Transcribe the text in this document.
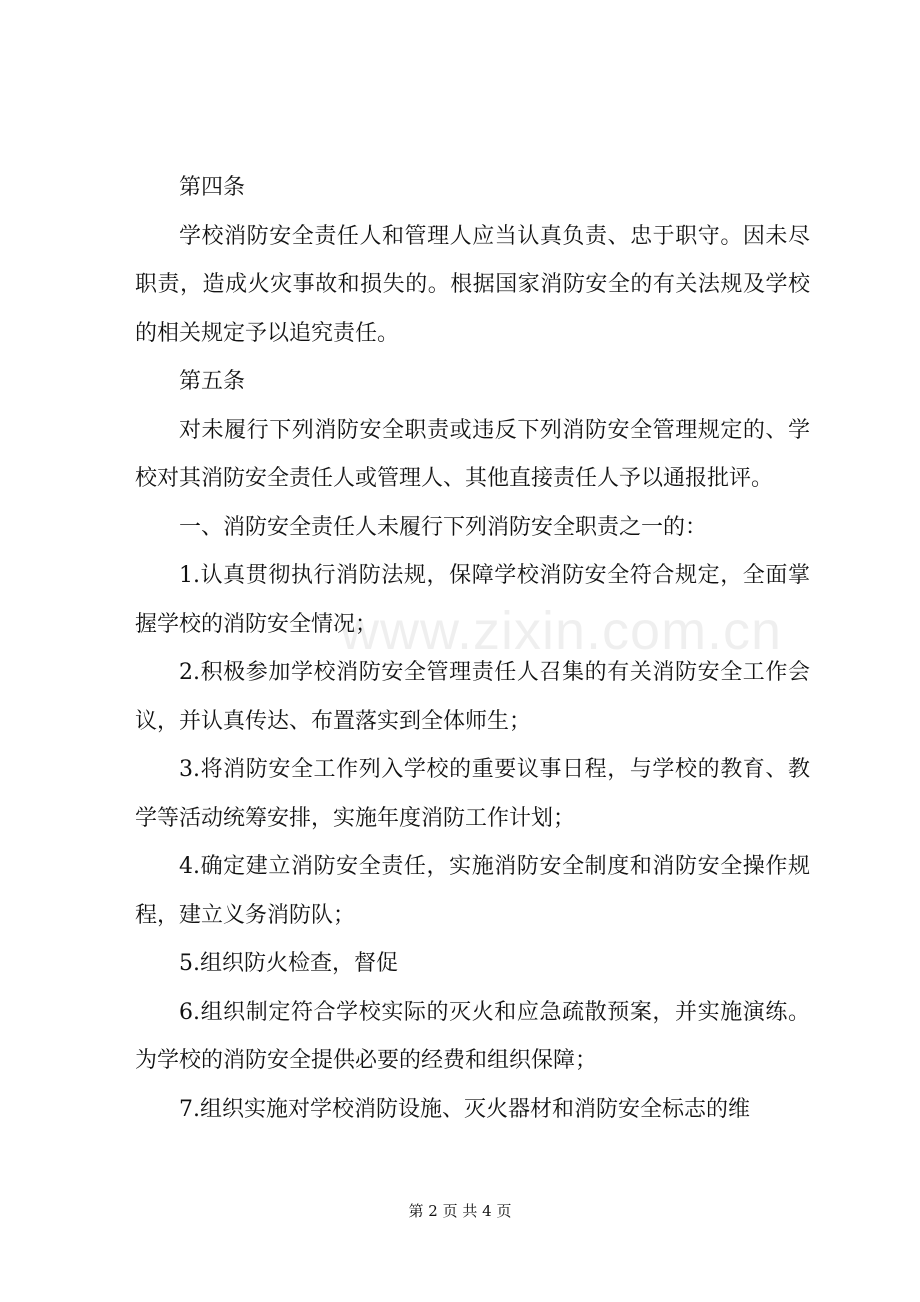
www.zixin.com.cn

第四条

学校消防安全责任人和管理人应当认真负责、忠于职守。因未尽职责，造成火灾事故和损失的。根据国家消防安全的有关法规及学校的相关规定予以追究责任。

第五条

对未履行下列消防安全职责或违反下列消防安全管理规定的、学校对其消防安全责任人或管理人、其他直接责任人予以通报批评。

一、消防安全责任人未履行下列消防安全职责之一的：

1.认真贯彻执行消防法规，保障学校消防安全符合规定，全面掌握学校的消防安全情况；

2.积极参加学校消防安全管理责任人召集的有关消防安全工作会议，并认真传达、布置落实到全体师生；

3.将消防安全工作列入学校的重要议事日程，与学校的教育、教学等活动统筹安排，实施年度消防工作计划；

4.确定建立消防安全责任，实施消防安全制度和消防安全操作规程，建立义务消防队；

5.组织防火检查，督促

6.组织制定符合学校实际的灭火和应急疏散预案，并实施演练。为学校的消防安全提供必要的经费和组织保障；

7.组织实施对学校消防设施、灭火器材和消防安全标志的维

第 2 页 共 4 页
